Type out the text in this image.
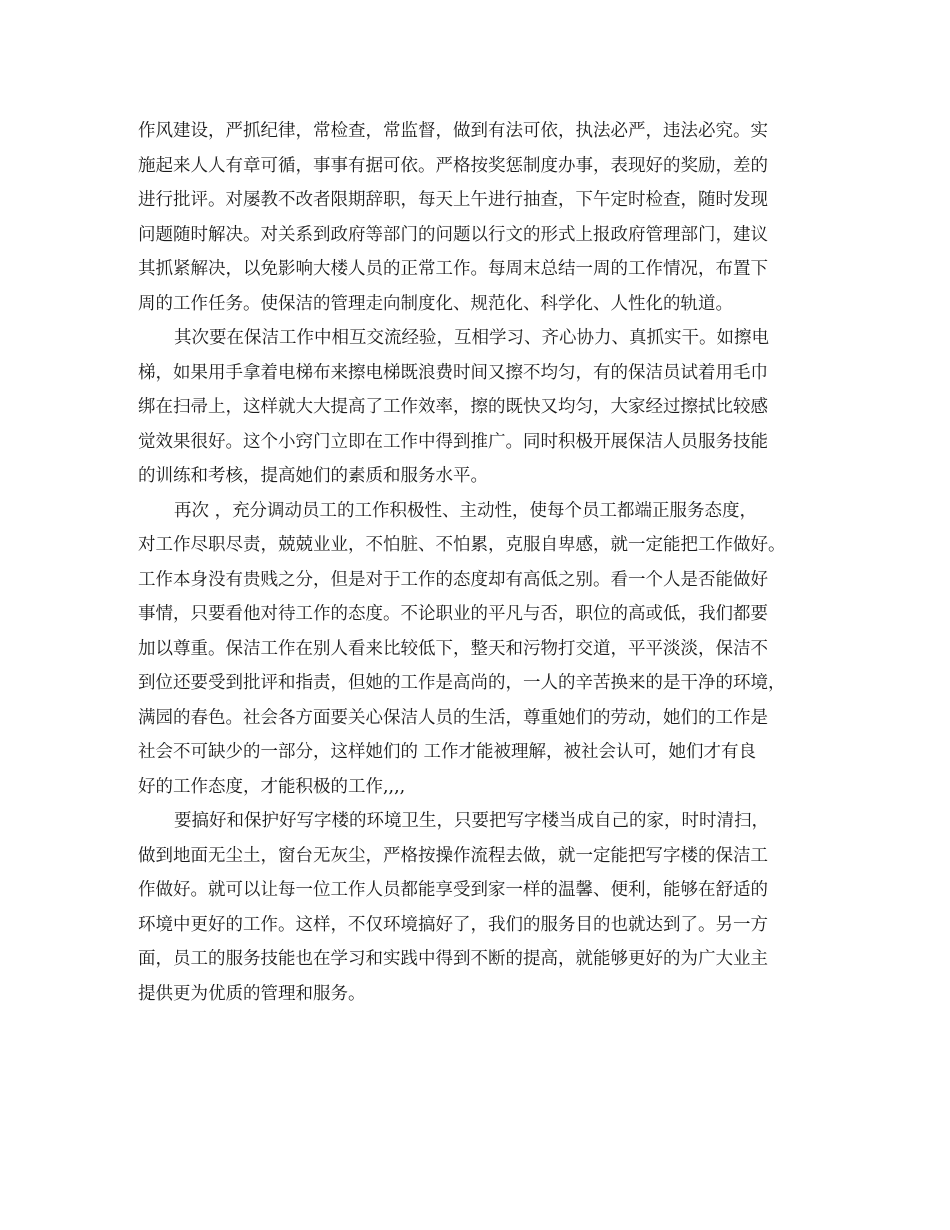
作风建设，严抓纪律，常检查，常监督，做到有法可依，执法必严，违法必究。实
施起来人人有章可循，事事有据可依。严格按奖惩制度办事，表现好的奖励，差的
进行批评。对屡教不改者限期辞职，每天上午进行抽查，下午定时检查，随时发现
问题随时解决。对关系到政府等部门的问题以行文的形式上报政府管理部门，建议
其抓紧解决，以免影响大楼人员的正常工作。每周末总结一周的工作情况，布置下
周的工作任务。使保洁的管理走向制度化、规范化、科学化、人性化的轨道。
其次要在保洁工作中相互交流经验，互相学习、齐心协力、真抓实干。如擦电
梯，如果用手拿着电梯布来擦电梯既浪费时间又擦不均匀，有的保洁员试着用毛巾
绑在扫帚上，这样就大大提高了工作效率，擦的既快又均匀，大家经过擦拭比较感
觉效果很好。这个小窍门立即在工作中得到推广。同时积极开展保洁人员服务技能
的训练和考核，提高她们的素质和服务水平。
再次 ，充分调动员工的工作积极性、主动性，使每个员工都端正服务态度，
对工作尽职尽责，兢兢业业，不怕脏、不怕累，克服自卑感，就一定能把工作做好。
工作本身没有贵贱之分，但是对于工作的态度却有高低之别。看一个人是否能做好
事情，只要看他对待工作的态度。不论职业的平凡与否，职位的高或低，我们都要
加以尊重。保洁工作在别人看来比较低下，整天和污物打交道，平平淡淡，保洁不
到位还要受到批评和指责，但她的工作是高尚的，一人的辛苦换来的是干净的环境，
满园的春色。社会各方面要关心保洁人员的生活，尊重她们的劳动，她们的工作是
社会不可缺少的一部分，这样她们的 工作才能被理解，被社会认可，她们才有良
好的工作态度，才能积极的工作,,,,
要搞好和保护好写字楼的环境卫生，只要把写字楼当成自己的家，时时清扫，
做到地面无尘土，窗台无灰尘，严格按操作流程去做，就一定能把写字楼的保洁工
作做好。就可以让每一位工作人员都能享受到家一样的温馨、便利，能够在舒适的
环境中更好的工作。这样，不仅环境搞好了，我们的服务目的也就达到了。另一方
面，员工的服务技能也在学习和实践中得到不断的提高，就能够更好的为广大业主
提供更为优质的管理和服务。
